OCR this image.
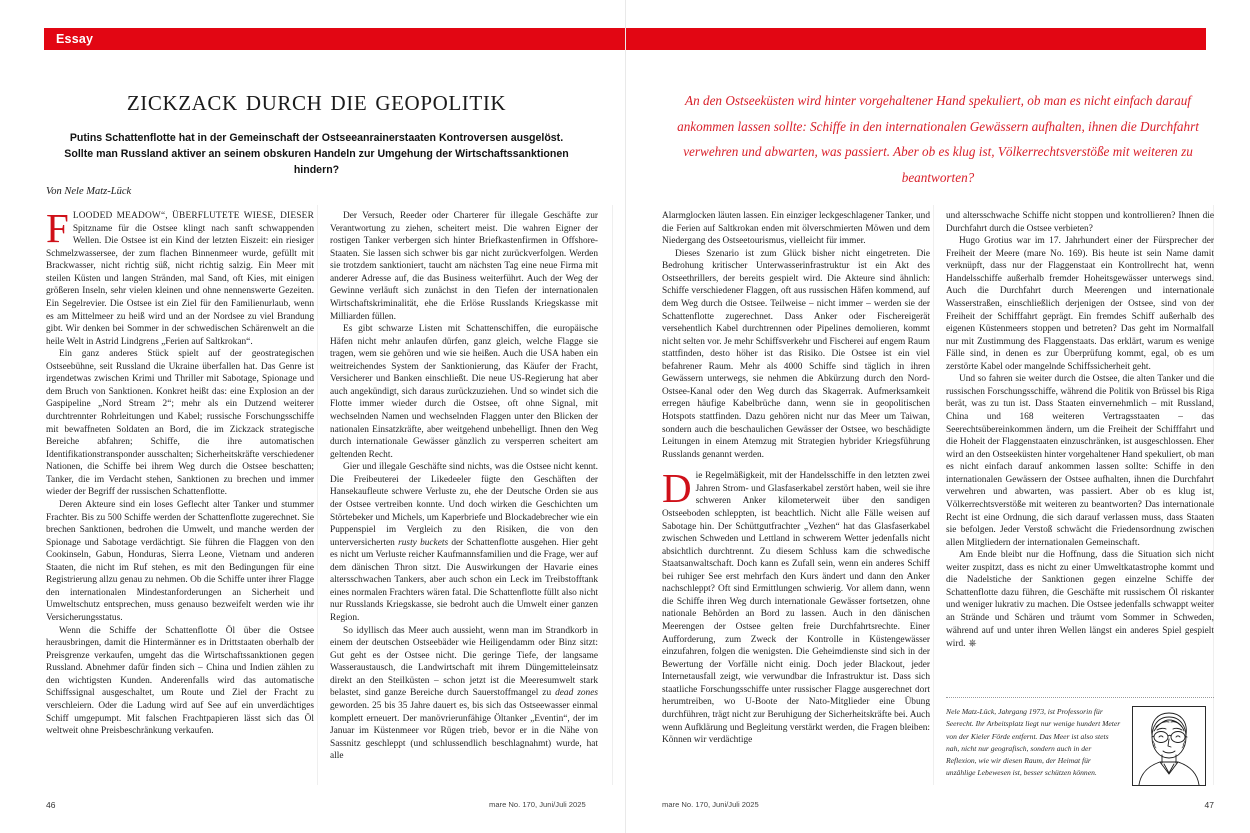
Essay
zickzack durch die geopolitik

Putins Schattenflotte hat in der Gemeinschaft der Ostseeanrainerstaaten Kontroversen ausgelöst.

Sollte man Russland aktiver an seinem obskuren Handeln zur Umgehung der Wirtschaftssanktionen hindern?

Von Nele Matz-Lück
An den Ostseeküsten wird hinter vorgehaltener Hand spekuliert, ob man es nicht einfach darauf ankommen lassen sollte: Schiffe in den internationalen Gewässern aufhalten, ihnen die Durchfahrt verwehren und abwarten, was passiert. Aber ob es klug ist, Völkerrechtsverstöße mit weiteren zu beantworten?

FLOODED MEADOW“, ÜBERFLUTETE WIESE, DIESER Spitzname für die Ostsee klingt nach sanft schwappenden Wellen. Die Ostsee ist ein Kind der letzten Eiszeit: ein riesiger Schmelzwassersee, der zum flachen Binnenmeer wurde, gefüllt mit Brackwasser, nicht richtig süß, nicht richtig salzig. Ein Meer mit steilen Küsten und langen Stränden, mal Sand, oft Kies, mit einigen größeren Inseln, sehr vielen kleinen und ohne nennenswerte Gezeiten. Ein Segelrevier. Die Ostsee ist ein Ziel für den Familienurlaub, wenn es am Mittelmeer zu heiß wird und an der Nordsee zu viel Brandung gibt. Wir denken bei Sommer in der schwedischen Schärenwelt an die heile Welt in Astrid Lindgrens „Ferien auf Saltkrokan“.

Ein ganz anderes Stück spielt auf der geostrategischen Ostseebühne, seit Russland die Ukraine überfallen hat. Das Genre ist irgendetwas zwischen Krimi und Thriller mit Sabotage, Spionage und dem Bruch von Sanktionen. Konkret heißt das: eine Explosion an der Gaspipeline „Nord Stream 2“; mehr als ein Dutzend weiterer durchtrennter Rohrleitungen und Kabel; russische Forschungsschiffe mit bewaffneten Soldaten an Bord, die im Zickzack strategische Bereiche abfahren; Schiffe, die ihre automatischen Identifikationstransponder ausschalten; Sicherheitskräfte verschiedener Nationen, die Schiffe bei ihrem Weg durch die Ostsee beschatten; Tanker, die im Verdacht stehen, Sanktionen zu brechen und immer wieder der Begriff der russischen Schattenflotte.

Deren Akteure sind ein loses Geflecht alter Tanker und stummer Frachter. Bis zu 500 Schiffe werden der Schattenflotte zugerechnet. Sie brechen Sanktionen, bedrohen die Umwelt, und manche werden der Spionage und Sabotage verdächtigt. Sie führen die Flaggen von den Cookinseln, Gabun, Honduras, Sierra Leone, Vietnam und anderen Staaten, die nicht im Ruf stehen, es mit den Bedingungen für eine Registrierung allzu genau zu nehmen. Ob die Schiffe unter ihrer Flagge den internationalen Mindestanforderungen an Sicherheit und Umweltschutz entsprechen, muss genauso bezweifelt werden wie ihr Versicherungsstatus.

Wenn die Schiffe der Schattenflotte Öl über die Ostsee herausbringen, damit die Hintermänner es in Drittstaaten oberhalb der Preisgrenze verkaufen, umgeht das die Wirtschaftssanktionen gegen Russland. Abnehmer dafür finden sich – China und Indien zählen zu den wichtigsten Kunden. Anderenfalls wird das automatische Schiffssignal ausgeschaltet, um Route und Ziel der Fracht zu verschleiern. Oder die Ladung wird auf See auf ein unverdächtiges Schiff umgepumpt. Mit falschen Frachtpapieren lässt sich das Öl weltweit ohne Preisbeschränkung verkaufen.

Der Versuch, Reeder oder Charterer für illegale Geschäfte zur Verantwortung zu ziehen, scheitert meist. Die wahren Eigner der rostigen Tanker verbergen sich hinter Briefkastenfirmen in Offshore-Staaten. Sie lassen sich schwer bis gar nicht zurückverfolgen. Werden sie trotzdem sanktioniert, taucht am nächsten Tag eine neue Firma mit anderer Adresse auf, die das Business weiterführt. Auch der Weg der Gewinne verläuft sich zunächst in den Tiefen der internationalen Wirtschaftskriminalität, ehe die Erlöse Russlands Kriegskasse mit Milliarden füllen.

Es gibt schwarze Listen mit Schattenschiffen, die europäische Häfen nicht mehr anlaufen dürfen, ganz gleich, welche Flagge sie tragen, wem sie gehören und wie sie heißen. Auch die USA haben ein weitreichendes System der Sanktionierung, das Käufer der Fracht, Versicherer und Banken einschließt. Die neue US-Regierung hat aber auch angekündigt, sich daraus zurückzuziehen. Und so windet sich die Flotte immer wieder durch die Ostsee, oft ohne Signal, mit wechselnden Namen und wechselnden Flaggen unter den Blicken der nationalen Einsatzkräfte, aber weitgehend unbehelligt. Ihnen den Weg durch internationale Gewässer gänzlich zu versperren scheitert am geltenden Recht.

Gier und illegale Geschäfte sind nichts, was die Ostsee nicht kennt. Die Freibeuterei der Likedeeler fügte den Geschäften der Hansekaufleute schwere Verluste zu, ehe der Deutsche Orden sie aus der Ostsee vertreiben konnte. Und doch wirken die Geschichten um Störtebeker und Michels, um Kaperbriefe und Blockadebrecher wie ein Puppenspiel im Vergleich zu den Risiken, die von den unterversicherten rusty buckets der Schattenflotte ausgehen. Hier geht es nicht um Verluste reicher Kaufmannsfamilien und die Frage, wer auf dem dänischen Thron sitzt. Die Auswirkungen der Havarie eines altersschwachen Tankers, aber auch schon ein Leck im Treibstofftank eines normalen Frachters wären fatal. Die Schattenflotte füllt also nicht nur Russlands Kriegskasse, sie bedroht auch die Umwelt einer ganzen Region.

So idyllisch das Meer auch aussieht, wenn man im Strandkorb in einem der deutschen Ostseebäder wie Heiligendamm oder Binz sitzt: Gut geht es der Ostsee nicht. Die geringe Tiefe, der langsame Wasseraustausch, die Landwirtschaft mit ihrem Düngemitteleinsatz direkt an den Steilküsten – schon jetzt ist die Meeresumwelt stark belastet, sind ganze Bereiche durch Sauerstoffmangel zu dead zones geworden. 25 bis 35 Jahre dauert es, bis sich das Ostseewasser einmal komplett erneuert. Der manövrierunfähige Öltanker „Eventin“, der im Januar im Küstenmeer vor Rügen trieb, bevor er in die Nähe von Sassnitz geschleppt (und schlussendlich beschlagnahmt) wurde, hat alle

Alarmglocken läuten lassen. Ein einziger leckgeschlagener Tanker, und die Ferien auf Saltkrokan enden mit ölverschmierten Möwen und dem Niedergang des Ostseetourismus, vielleicht für immer.

Dieses Szenario ist zum Glück bisher nicht eingetreten. Die Bedrohung kritischer Unterwasserinfrastruktur ist ein Akt des Ostseethrillers, der bereits gespielt wird. Die Akteure sind ähnlich: Schiffe verschiedener Flaggen, oft aus russischen Häfen kommend, auf dem Weg durch die Ostsee. Teilweise – nicht immer – werden sie der Schattenflotte zugerechnet. Dass Anker oder Fischereigerät versehentlich Kabel durchtrennen oder Pipelines demolieren, kommt nicht selten vor. Je mehr Schiffsverkehr und Fischerei auf engem Raum stattfinden, desto höher ist das Risiko. Die Ostsee ist ein viel befahrener Raum. Mehr als 4000 Schiffe sind täglich in ihren Gewässern unterwegs, sie nehmen die Abkürzung durch den Nord-Ostsee-Kanal oder den Weg durch das Skagerrak. Aufmerksamkeit erregen häufige Kabelbrüche dann, wenn sie in geopolitischen Hotspots stattfinden. Dazu gehören nicht nur das Meer um Taiwan, sondern auch die beschaulichen Gewässer der Ostsee, wo beschädigte Leitungen in einem Atemzug mit Strategien hybrider Kriegsführung Russlands genannt werden.

Die Regelmäßigkeit, mit der Handelsschiffe in den letzten zwei Jahren Strom- und Glasfaserkabel zerstört haben, weil sie ihre schweren Anker kilometerweit über den sandigen Ostseeboden schleppten, ist beachtlich. Nicht alle Fälle weisen auf Sabotage hin. Der Schüttgutfrachter „Vezhen“ hat das Glasfaserkabel zwischen Schweden und Lettland in schwerem Wetter jedenfalls nicht absichtlich durchtrennt. Zu diesem Schluss kam die schwedische Staatsanwaltschaft. Doch kann es Zufall sein, wenn ein anderes Schiff bei ruhiger See erst mehrfach den Kurs ändert und dann den Anker nachschleppt? Oft sind Ermittlungen schwierig. Vor allem dann, wenn die Schiffe ihren Weg durch internationale Gewässer fortsetzen, ohne nationale Behörden an Bord zu lassen. Auch in den dänischen Meerengen der Ostsee gelten freie Durchfahrtsrechte. Einer Aufforderung, zum Zweck der Kontrolle in Küstengewässer einzufahren, folgen die wenigsten. Die Geheimdienste sind sich in der Bewertung der Vorfälle nicht einig. Doch jeder Blackout, jeder Internetausfall zeigt, wie verwundbar die Infrastruktur ist. Dass sich staatliche Forschungsschiffe unter russischer Flagge ausgerechnet dort herumtreiben, wo U-Boote der Nato-Mitglieder eine Übung durchführen, trägt nicht zur Beruhigung der Sicherheitskräfte bei. Auch wenn Aufklärung und Begleitung verstärkt werden, die Fragen bleiben: Können wir verdächtige

und altersschwache Schiffe nicht stoppen und kontrollieren? Ihnen die Durchfahrt durch die Ostsee verbieten?

Hugo Grotius war im 17. Jahrhundert einer der Fürsprecher der Freiheit der Meere (mare No. 169). Bis heute ist sein Name damit verknüpft, dass nur der Flaggenstaat ein Kontrollrecht hat, wenn Handelsschiffe außerhalb fremder Hoheitsgewässer unterwegs sind. Auch die Durchfahrt durch Meerengen und internationale Wasserstraßen, einschließlich derjenigen der Ostsee, sind von der Freiheit der Schifffahrt geprägt. Ein fremdes Schiff außerhalb des eigenen Küstenmeers stoppen und betreten? Das geht im Normalfall nur mit Zustimmung des Flaggenstaats. Das erklärt, warum es wenige Fälle sind, in denen es zur Überprüfung kommt, egal, ob es um zerstörte Kabel oder mangelnde Schiffssicherheit geht.

Und so fahren sie weiter durch die Ostsee, die alten Tanker und die russischen Forschungsschiffe, während die Politik von Brüssel bis Riga berät, was zu tun ist. Dass Staaten einvernehmlich – mit Russland, China und 168 weiteren Vertragsstaaten – das Seerechtsübereinkommen ändern, um die Freiheit der Schifffahrt und die Hoheit der Flaggenstaaten einzuschränken, ist ausgeschlossen. Eher wird an den Ostseeküsten hinter vorgehaltener Hand spekuliert, ob man es nicht einfach darauf ankommen lassen sollte: Schiffe in den internationalen Gewässern der Ostsee aufhalten, ihnen die Durchfahrt verwehren und abwarten, was passiert. Aber ob es klug ist, Völkerrechtsverstöße mit weiteren zu beantworten? Das internationale Recht ist eine Ordnung, die sich darauf verlassen muss, dass Staaten sie befolgen. Jeder Verstoß schwächt die Friedensordnung zwischen allen Mitgliedern der internationalen Gemeinschaft.

Am Ende bleibt nur die Hoffnung, dass die Situation sich nicht weiter zuspitzt, dass es nicht zu einer Umweltkatastrophe kommt und die Nadelstiche der Sanktionen gegen einzelne Schiffe der Schattenflotte dazu führen, die Geschäfte mit russischem Öl riskanter und weniger lukrativ zu machen. Die Ostsee jedenfalls schwappt weiter an Strände und Schären und träumt vom Sommer in Schweden, während auf und unter ihren Wellen längst ein anderes Spiel gespielt wird. ⎈

Nele Matz-Lück, Jahrgang 1973, ist Professorin für Seerecht. Ihr Arbeitsplatz liegt nur wenige hundert Meter von der Kieler Förde entfernt. Das Meer ist also stets nah, nicht nur geografisch, sondern auch in der Reflexion, wie wir diesen Raum, der Heimat für unzählige Lebewesen ist, besser schützen können.
46	47
mare No. 170, Juni/Juli 2025	mare No. 170, Juni/Juli 2025
